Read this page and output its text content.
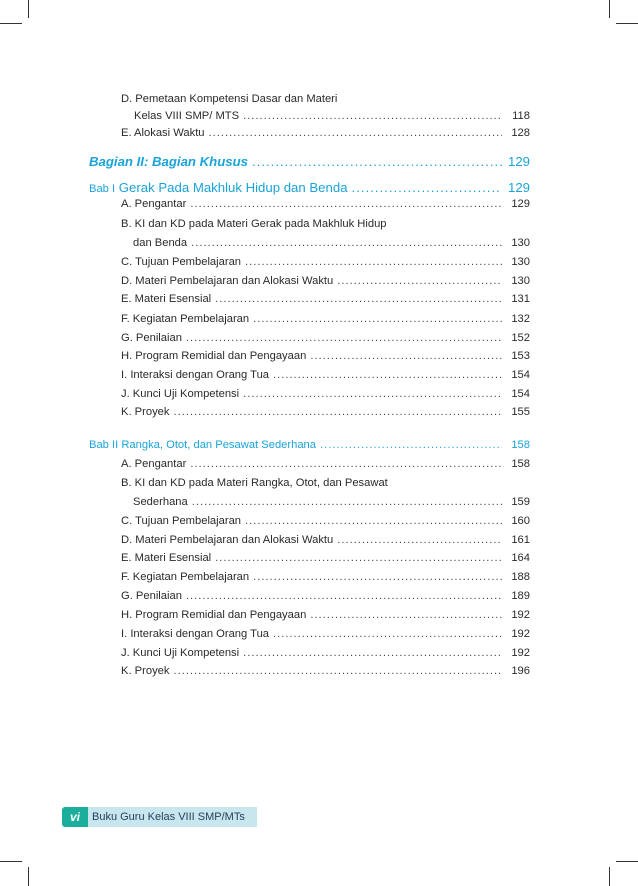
D. Pemetaan Kompetensi Dasar dan Materi
Kelas VIII SMP/ MTS .....	118
E. Alokasi Waktu .....	128
Bagian II: Bagian Khusus .....	129
Bab I Gerak Pada Makhluk Hidup dan Benda .....	129
A. Pengantar .....	129
B. KI dan KD pada Materi Gerak pada Makhluk Hidup
dan Benda .....	130
C. Tujuan Pembelajaran .....	130
D. Materi Pembelajaran dan Alokasi Waktu .....	130
E. Materi Esensial .....	131
F. Kegiatan Pembelajaran .....	132
G. Penilaian .....	152
H. Program Remidial dan Pengayaan .....	153
I. Interaksi dengan Orang Tua .....	154
J. Kunci Uji Kompetensi .....	154
K. Proyek .....	155
Bab II Rangka, Otot, dan Pesawat Sederhana .....	158
A. Pengantar .....	158
B. KI dan KD pada Materi Rangka, Otot, dan Pesawat
Sederhana .....	159
C. Tujuan Pembelajaran .....	160
D. Materi Pembelajaran dan Alokasi Waktu .....	161
E. Materi Esensial .....	164
F. Kegiatan Pembelajaran .....	188
G. Penilaian .....	189
H. Program Remidial dan Pengayaan .....	192
I. Interaksi dengan Orang Tua .....	192
J. Kunci Uji Kompetensi .....	192
K. Proyek .....	196
vi	Buku Guru Kelas VIII SMP/MTs
